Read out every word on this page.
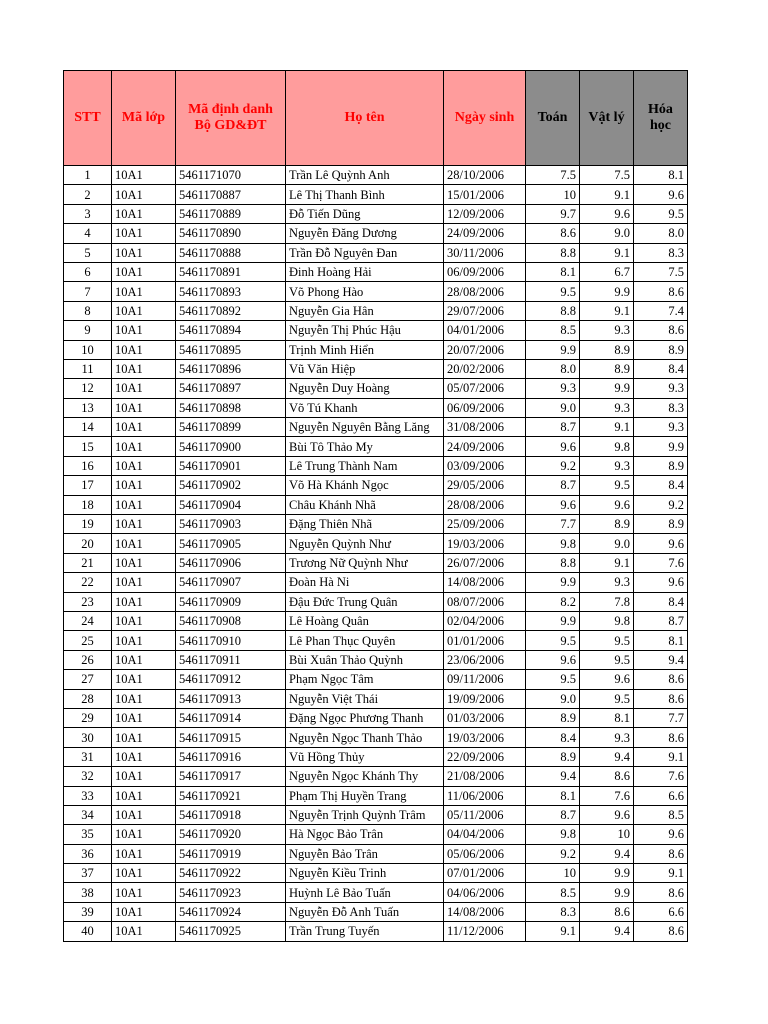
STT	Mã lớp	Mã định danh Bộ GD&ĐT	Họ tên	Ngày sinh	Toán	Vật lý	Hóa học
1	10A1	5461171070	Trần Lê Quỳnh Anh	28/10/2006	7.5	7.5	8.1
2	10A1	5461170887	Lê Thị Thanh Bình	15/01/2006	10	9.1	9.6
3	10A1	5461170889	Đỗ Tiến Dũng	12/09/2006	9.7	9.6	9.5
4	10A1	5461170890	Nguyễn Đăng Dương	24/09/2006	8.6	9.0	8.0
5	10A1	5461170888	Trần Đỗ Nguyên Đan	30/11/2006	8.8	9.1	8.3
6	10A1	5461170891	Đinh Hoàng Hải	06/09/2006	8.1	6.7	7.5
7	10A1	5461170893	Võ Phong Hào	28/08/2006	9.5	9.9	8.6
8	10A1	5461170892	Nguyễn Gia Hân	29/07/2006	8.8	9.1	7.4
9	10A1	5461170894	Nguyễn Thị Phúc Hậu	04/01/2006	8.5	9.3	8.6
10	10A1	5461170895	Trịnh Minh Hiển	20/07/2006	9.9	8.9	8.9
11	10A1	5461170896	Vũ Văn Hiệp	20/02/2006	8.0	8.9	8.4
12	10A1	5461170897	Nguyễn Duy Hoàng	05/07/2006	9.3	9.9	9.3
13	10A1	5461170898	Võ Tú Khanh	06/09/2006	9.0	9.3	8.3
14	10A1	5461170899	Nguyễn Nguyên Bằng Lăng	31/08/2006	8.7	9.1	9.3
15	10A1	5461170900	Bùi Tô Thảo My	24/09/2006	9.6	9.8	9.9
16	10A1	5461170901	Lê Trung Thành Nam	03/09/2006	9.2	9.3	8.9
17	10A1	5461170902	Võ Hà Khánh Ngọc	29/05/2006	8.7	9.5	8.4
18	10A1	5461170904	Châu Khánh Nhã	28/08/2006	9.6	9.6	9.2
19	10A1	5461170903	Đặng Thiên Nhã	25/09/2006	7.7	8.9	8.9
20	10A1	5461170905	Nguyễn Quỳnh Như	19/03/2006	9.8	9.0	9.6
21	10A1	5461170906	Trương Nữ Quỳnh Như	26/07/2006	8.8	9.1	7.6
22	10A1	5461170907	Đoàn Hà Ni	14/08/2006	9.9	9.3	9.6
23	10A1	5461170909	Đậu Đức Trung Quân	08/07/2006	8.2	7.8	8.4
24	10A1	5461170908	Lê Hoàng Quân	02/04/2006	9.9	9.8	8.7
25	10A1	5461170910	Lê Phan Thục Quyên	01/01/2006	9.5	9.5	8.1
26	10A1	5461170911	Bùi Xuân Thảo Quỳnh	23/06/2006	9.6	9.5	9.4
27	10A1	5461170912	Phạm Ngọc Tâm	09/11/2006	9.5	9.6	8.6
28	10A1	5461170913	Nguyễn Việt Thái	19/09/2006	9.0	9.5	8.6
29	10A1	5461170914	Đặng Ngọc Phương Thanh	01/03/2006	8.9	8.1	7.7
30	10A1	5461170915	Nguyễn Ngọc Thanh Thảo	19/03/2006	8.4	9.3	8.6
31	10A1	5461170916	Vũ Hồng Thủy	22/09/2006	8.9	9.4	9.1
32	10A1	5461170917	Nguyễn Ngọc Khánh Thy	21/08/2006	9.4	8.6	7.6
33	10A1	5461170921	Phạm Thị Huyền Trang	11/06/2006	8.1	7.6	6.6
34	10A1	5461170918	Nguyễn Trịnh Quỳnh Trâm	05/11/2006	8.7	9.6	8.5
35	10A1	5461170920	Hà Ngọc Bảo Trân	04/04/2006	9.8	10	9.6
36	10A1	5461170919	Nguyễn Bảo Trân	05/06/2006	9.2	9.4	8.6
37	10A1	5461170922	Nguyễn Kiều Trinh	07/01/2006	10	9.9	9.1
38	10A1	5461170923	Huỳnh Lê Bảo Tuấn	04/06/2006	8.5	9.9	8.6
39	10A1	5461170924	Nguyễn Đỗ Anh Tuấn	14/08/2006	8.3	8.6	6.6
40	10A1	5461170925	Trần Trung Tuyến	11/12/2006	9.1	9.4	8.6
